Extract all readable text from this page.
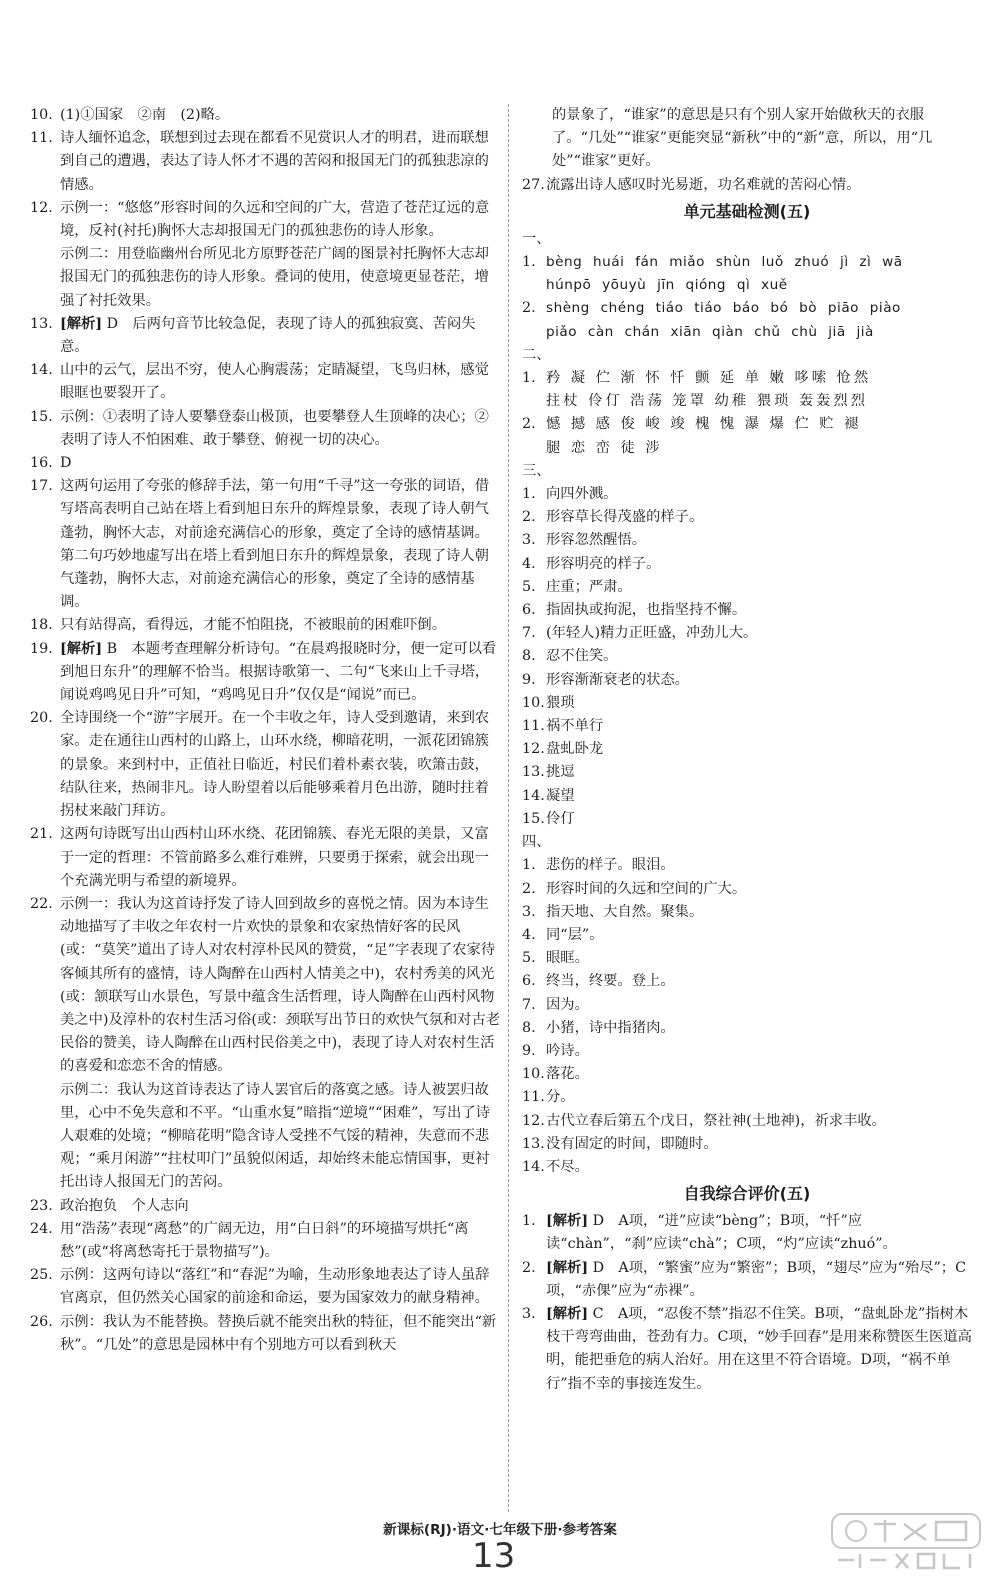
10. (1)①国家　②南　(2)略。
11. 诗人缅怀追念，联想到过去现在都看不见赏识人才的明君，进而联想到自己的遭遇，表达了诗人怀才不遇的苦闷和报国无门的孤独悲凉的情感。
12. 示例一：“悠悠”形容时间的久远和空间的广大，营造了苍茫辽远的意境，反衬(衬托)胸怀大志却报国无门的孤独悲伤的诗人形象。
示例二：用登临幽州台所见北方原野苍茫广阔的图景衬托胸怀大志却报国无门的孤独悲伤的诗人形象。叠词的使用，使意境更显苍茫，增强了衬托效果。
13. [解析] D　后两句音节比较急促，表现了诗人的孤独寂寞、苦闷失意。
14. 山中的云气，层出不穷，使人心胸震荡；定睛凝望，飞鸟归林，感觉眼眶也要裂开了。
15. 示例：①表明了诗人要攀登泰山极顶，也要攀登人生顶峰的决心；②表明了诗人不怕困难、敢于攀登、俯视一切的决心。
16. D
17. 这两句运用了夸张的修辞手法，第一句用“千寻”这一夸张的词语，借写塔高表明自己站在塔上看到旭日东升的辉煌景象，表现了诗人朝气蓬勃，胸怀大志，对前途充满信心的形象，奠定了全诗的感情基调。第二句巧妙地虚写出在塔上看到旭日东升的辉煌景象，表现了诗人朝气蓬勃，胸怀大志，对前途充满信心的形象，奠定了全诗的感情基调。
18. 只有站得高，看得远，才能不怕阻挠，不被眼前的困难吓倒。
19. [解析] B　本题考查理解分析诗句。“在晨鸡报晓时分，便一定可以看到旭日东升”的理解不恰当。根据诗歌第一、二句“飞来山上千寻塔，闻说鸡鸣见日升”可知，“鸡鸣见日升”仅仅是“闻说”而已。
20. 全诗围绕一个“游”字展开。在一个丰收之年，诗人受到邀请，来到农家。走在通往山西村的山路上，山环水绕，柳暗花明，一派花团锦簇的景象。来到村中，正值社日临近，村民们着朴素衣装，吹箫击鼓，结队往来，热闹非凡。诗人盼望着以后能够乘着月色出游，随时拄着拐杖来敲门拜访。
21. 这两句诗既写出山西村山环水绕、花团锦簇、春光无限的美景，又富于一定的哲理：不管前路多么难行难辨，只要勇于探索，就会出现一个充满光明与希望的新境界。
22. 示例一：我认为这首诗抒发了诗人回到故乡的喜悦之情。因为本诗生动地描写了丰收之年农村一片欢快的景象和农家热情好客的民风(或：“莫笑”道出了诗人对农村淳朴民风的赞赏，“足”字表现了农家待客倾其所有的盛情，诗人陶醉在山西村人情美之中)，农村秀美的风光(或：颔联写山水景色，写景中蕴含生活哲理，诗人陶醉在山西村风物美之中)及淳朴的农村生活习俗(或：颈联写出节日的欢快气氛和对古老民俗的赞美，诗人陶醉在山西村民俗美之中)，表现了诗人对农村生活的喜爱和恋恋不舍的情感。
示例二：我认为这首诗表达了诗人罢官后的落寞之感。诗人被罢归故里，心中不免失意和不平。“山重水复”暗指“逆境”“困难”，写出了诗人艰难的处境；“柳暗花明”隐含诗人受挫不气馁的精神，失意而不悲观；“乘月闲游”“拄杖叩门”虽貌似闲适，却始终未能忘情国事，更衬托出诗人报国无门的苦闷。
23. 政治抱负　个人志向
24. 用“浩荡”表现“离愁”的广阔无边，用“白日斜”的环境描写烘托“离愁”(或“将离愁寄托于景物描写”)。
25. 示例：这两句诗以“落红”和“春泥”为喻，生动形象地表达了诗人虽辞官离京，但仍然关心国家的前途和命运，要为国家效力的献身精神。
26. 示例：我认为不能替换。替换后就不能突出秋的特征，但不能突出“新秋”。“几处”的意思是园林中有个别地方可以看到秋天
的景象了，“谁家”的意思是只有个别人家开始做秋天的衣服了。“几处”“谁家”更能突显“新秋”中的“新”意，所以，用“几处”“谁家”更好。
27. 流露出诗人感叹时光易逝，功名难就的苦闷心情。
单元基础检测(五)
一、
1. bèng huái fán miǎo shùn luǒ zhuó jì zì wā
húnpō yōuyù jīn qióng qì xuě
2. shèng chéng tiáo tiáo báo bó bò piāo piào
piǎo càn chán xiān qiàn chǔ chù jiā jià
二、
1. 矜 凝 伫 渐 怀 忏 颤 延 单 嫩 哆嗦 怆然
拄杖 伶仃 浩荡 笼罩 幼稚 猥琐 轰轰烈烈
2. 憾 撼 感 俊 峻 竣 槐 愧 瀑 爆 伫 贮 褪
腿 恋 峦 徒 涉
三、
1. 向四外溅。
2. 形容草长得茂盛的样子。
3. 形容忽然醒悟。
4. 形容明亮的样子。
5. 庄重；严肃。
6. 指固执或拘泥，也指坚持不懈。
7. (年轻人)精力正旺盛，冲劲儿大。
8. 忍不住笑。
9. 形容渐渐衰老的状态。
10. 猥琐
11. 祸不单行
12. 盘虬卧龙
13. 挑逗
14. 凝望
15. 伶仃
四、
1. 悲伤的样子。眼泪。
2. 形容时间的久远和空间的广大。
3. 指天地、大自然。聚集。
4. 同“层”。
5. 眼眶。
6. 终当，终要。登上。
7. 因为。
8. 小猪，诗中指猪肉。
9. 吟诗。
10. 落花。
11. 分。
12. 古代立春后第五个戊日，祭社神(土地神)，祈求丰收。
13. 没有固定的时间，即随时。
14. 不尽。
自我综合评价(五)
1. [解析] D　A项，“迸”应读“bèng”；B项，“忏”应读“chàn”，“刹”应读“chà”；C项，“灼”应读“zhuó”。
2. [解析] D　A项，“繁蜜”应为“繁密”；B项，“翅尽”应为“殆尽”；C项，“赤倮”应为“赤裸”。
3. [解析] C　A项，“忍俊不禁”指忍不住笑。B项，“盘虬卧龙”指树木枝干弯弯曲曲，苍劲有力。C项，“妙手回春”是用来称赞医生医道高明，能把垂危的病人治好。用在这里不符合语境。D项，“祸不单行”指不幸的事接连发生。
新课标(RJ)·语文·七年级下册·参考答案
13
